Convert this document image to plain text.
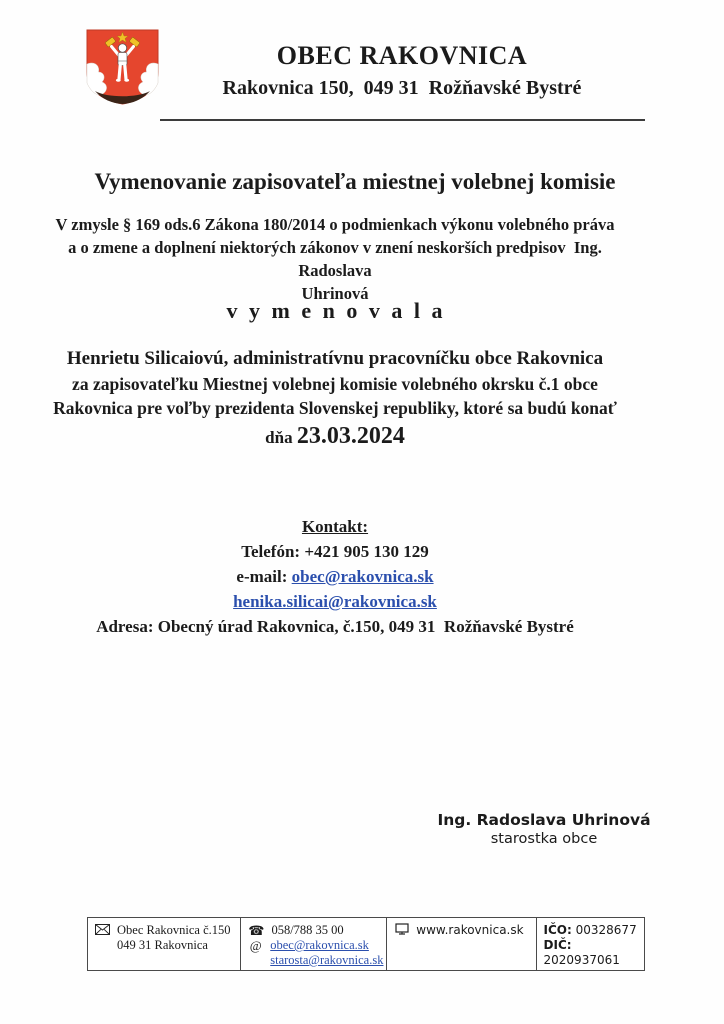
OBEC RAKOVNICA
Rakovnica 150,  049 31  Rožňavské Bystré
Vymenovanie zapisovateľa miestnej volebnej komisie
V zmysle § 169 ods.6 Zákona 180/2014 o podmienkach výkonu volebného práva
a o zmene a doplnení niektorých zákonov v znení neskorších predpisov  Ing. Radoslava
Uhrinová
v y m e n o v a l a
Henrietu Silicaiovú, administratívnu pracovníčku obce Rakovnica
za zapisovateľku Miestnej volebnej komisie volebného okrsku č.1 obce
Rakovnica pre voľby prezidenta Slovenskej republiky, ktoré sa budú konať
dňa 23.03.2024
Kontakt:
Telefón: +421 905 130 129
e-mail: obec@rakovnica.sk
henika.silicai@rakovnica.sk
Adresa: Obecný úrad Rakovnica, č.150, 049 31  Rožňavské Bystré
Ing. Radoslava Uhrinová
starostka obce
Obec Rakovnica č.150
049 31 Rakovnica
☎ 058/788 35 00
@ obec@rakovnica.sk
starosta@rakovnica.sk
www.rakovnica.sk IČO: 00328677
DIČ: 2020937061
